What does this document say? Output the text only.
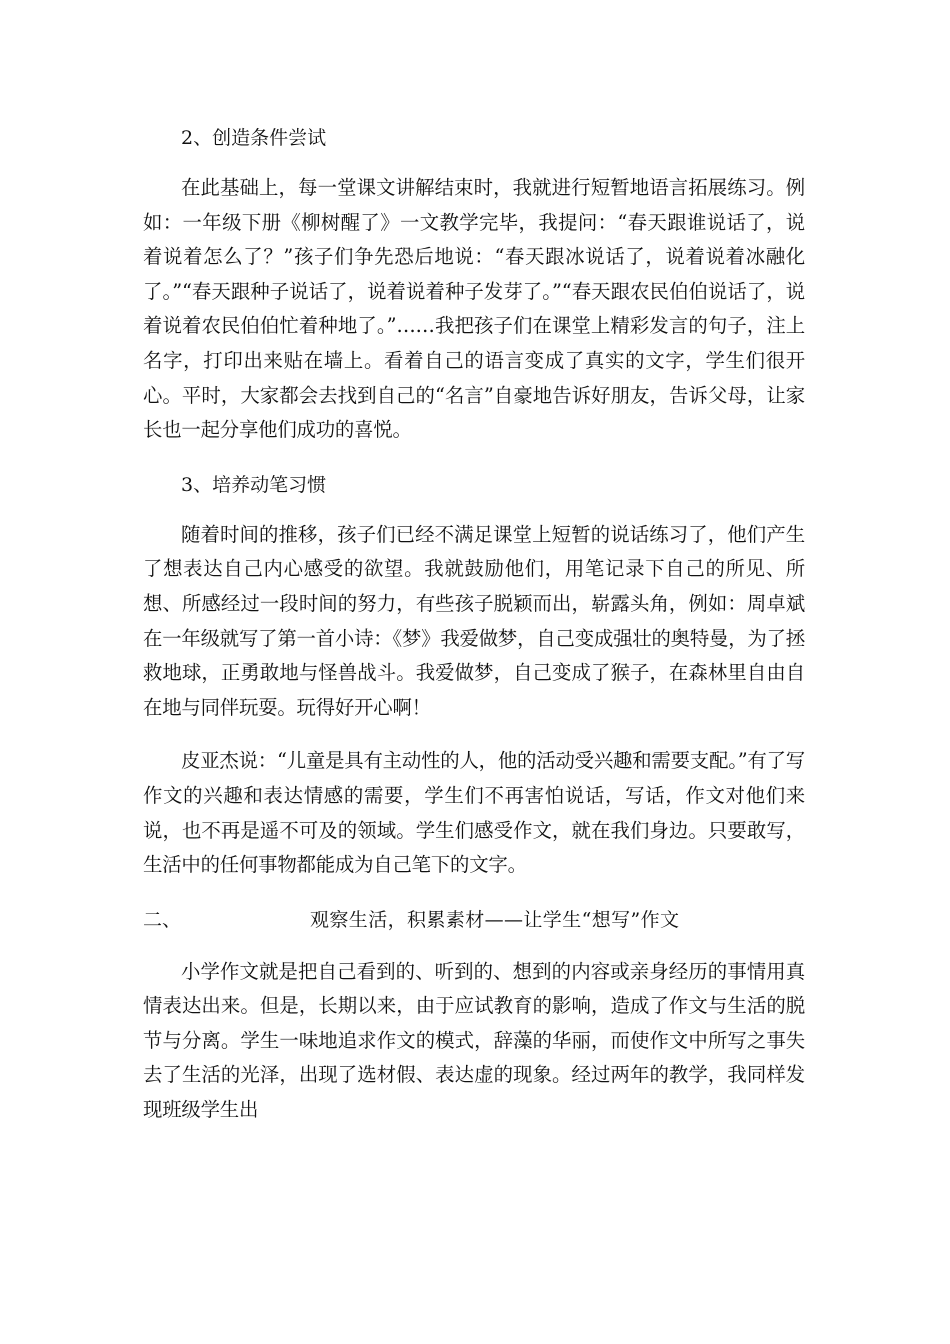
2、创造条件尝试

在此基础上，每一堂课文讲解结束时，我就进行短暂地语言拓展练习。例如：一年级下册《柳树醒了》一文教学完毕，我提问：“春天跟谁说话了，说着说着怎么了？”孩子们争先恐后地说：“春天跟冰说话了，说着说着冰融化了。”“春天跟种子说话了，说着说着种子发芽了。”“春天跟农民伯伯说话了，说着说着农民伯伯忙着种地了。”……我把孩子们在课堂上精彩发言的句子，注上名字，打印出来贴在墙上。看着自己的语言变成了真实的文字，学生们很开心。平时，大家都会去找到自己的“名言”自豪地告诉好朋友，告诉父母，让家长也一起分享他们成功的喜悦。

3、培养动笔习惯

随着时间的推移，孩子们已经不满足课堂上短暂的说话练习了，他们产生了想表达自己内心感受的欲望。我就鼓励他们，用笔记录下自己的所见、所想、所感经过一段时间的努力，有些孩子脱颖而出，崭露头角，例如：周卓斌在一年级就写了第一首小诗：《梦》我爱做梦，自己变成强壮的奥特曼，为了拯救地球，正勇敢地与怪兽战斗。我爱做梦，自己变成了猴子，在森林里自由自在地与同伴玩耍。玩得好开心啊！

皮亚杰说：“儿童是具有主动性的人，他的活动受兴趣和需要支配。”有了写作文的兴趣和表达情感的需要，学生们不再害怕说话，写话，作文对他们来说，也不再是遥不可及的领域。学生们感受作文，就在我们身边。只要敢写，生活中的任何事物都能成为自己笔下的文字。

二、	观察生活，积累素材——让学生“想写”作文

小学作文就是把自己看到的、听到的、想到的内容或亲身经历的事情用真情表达出来。但是，长期以来，由于应试教育的影响，造成了作文与生活的脱节与分离。学生一味地追求作文的模式，辞藻的华丽，而使作文中所写之事失去了生活的光泽，出现了选材假、表达虚的现象。经过两年的教学，我同样发现班级学生出
